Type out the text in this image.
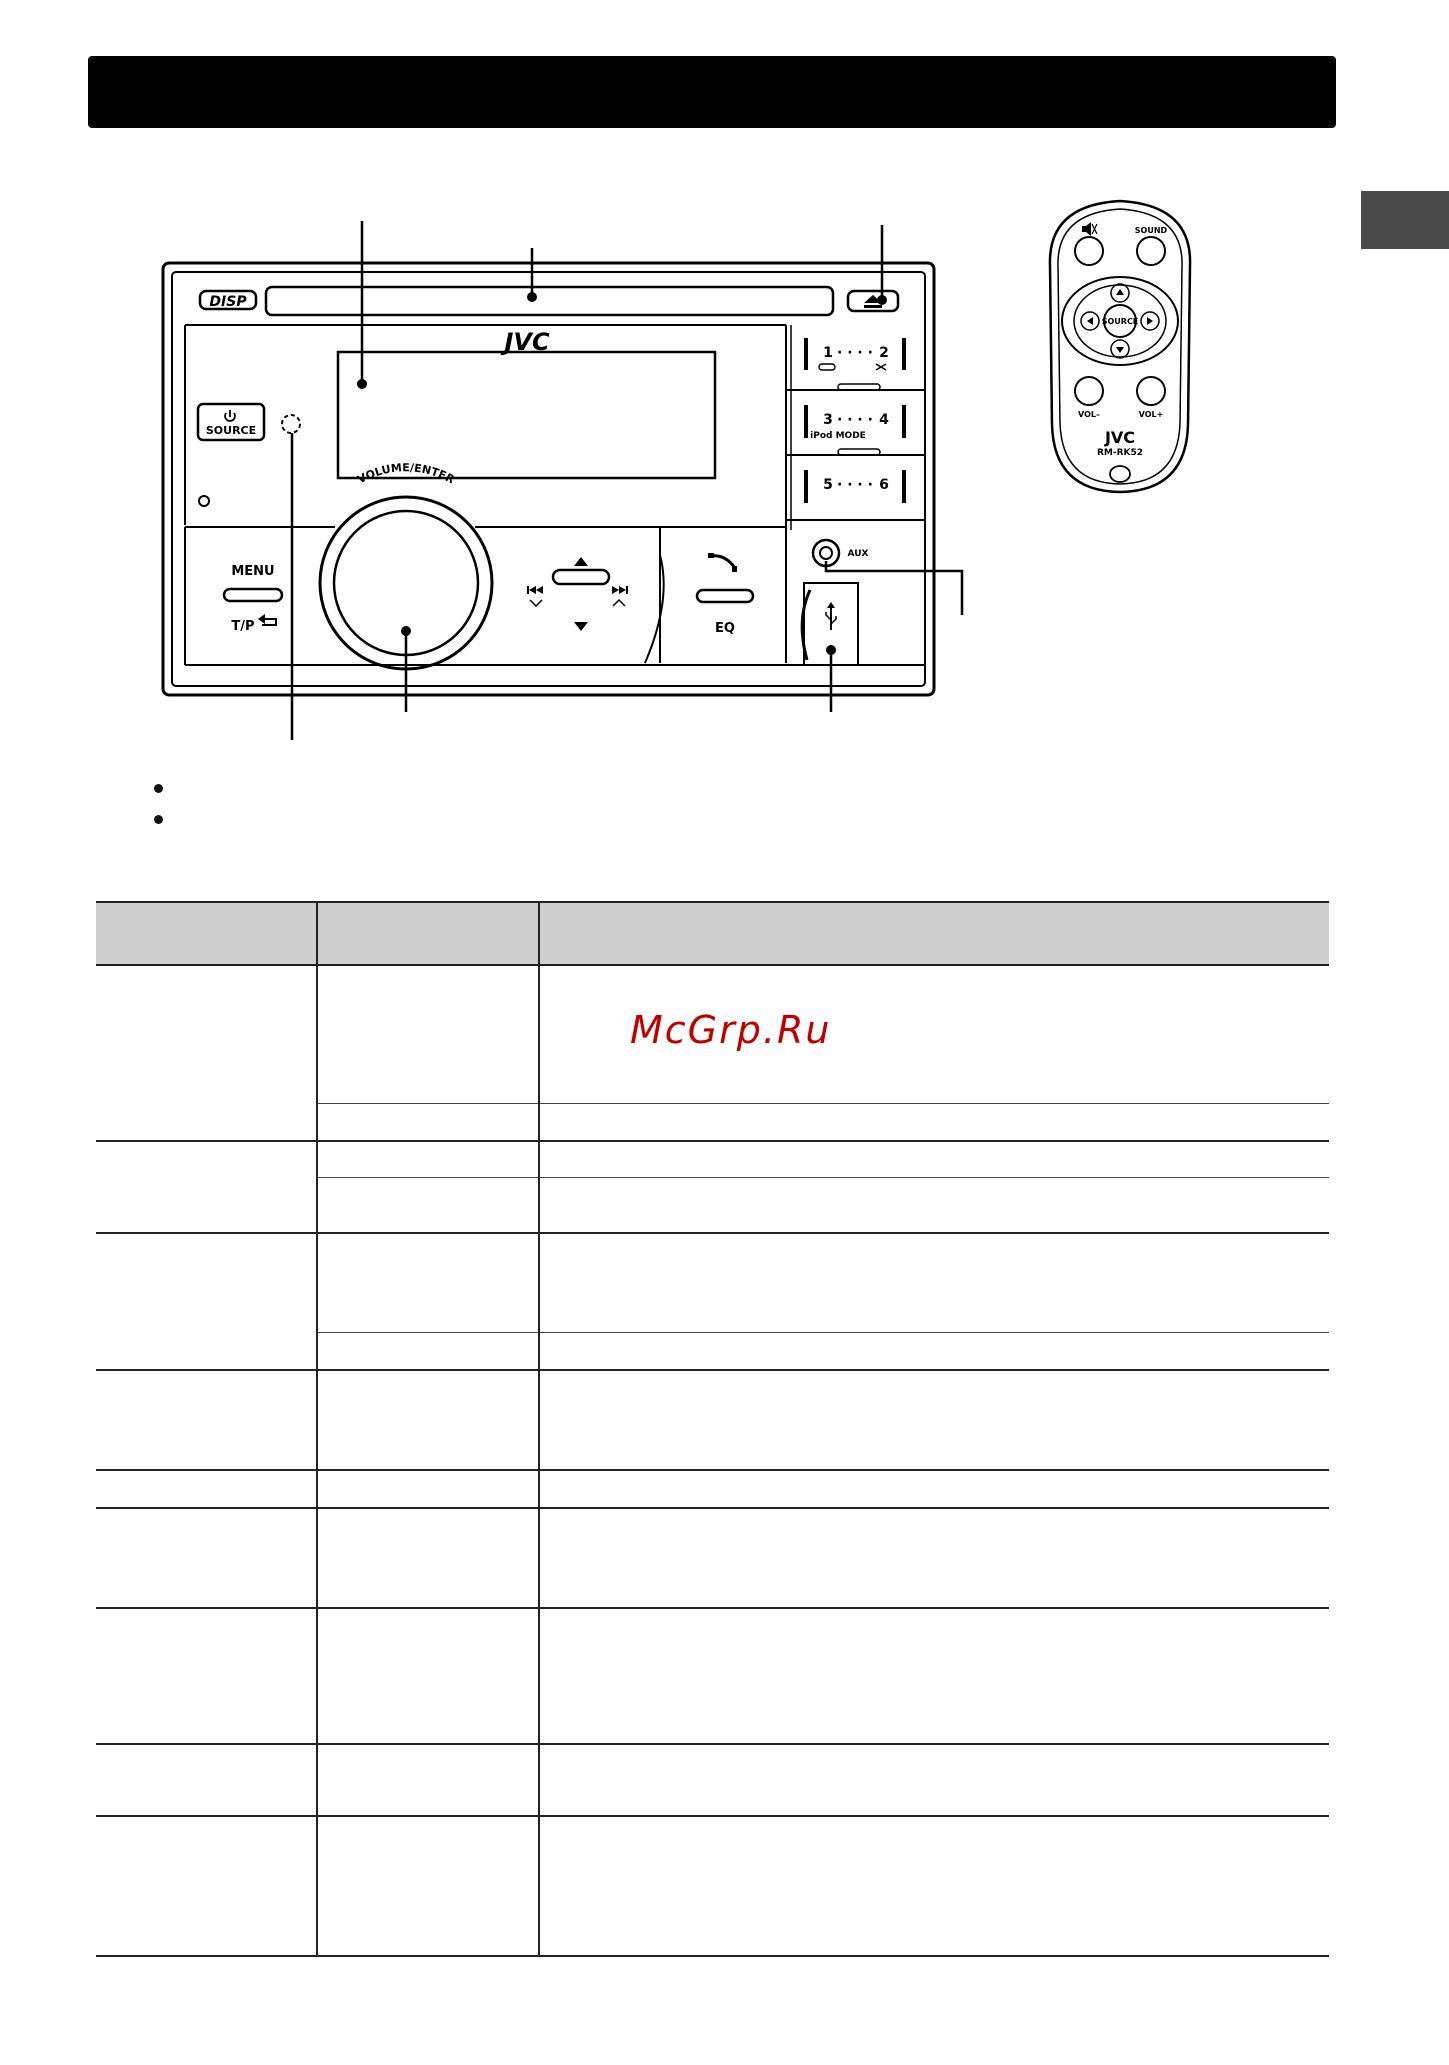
DISP
JVC
SOURCE
1 · · · · 2
3 · · · · 4
iPod MODE
5 · · · · 6
MENU
T/P
VOLUME/ENTER
EQ
AUX
SOUND
SOURCE
VOL–	VOL+
JVC
RM-RK52
McGrp.Ru
